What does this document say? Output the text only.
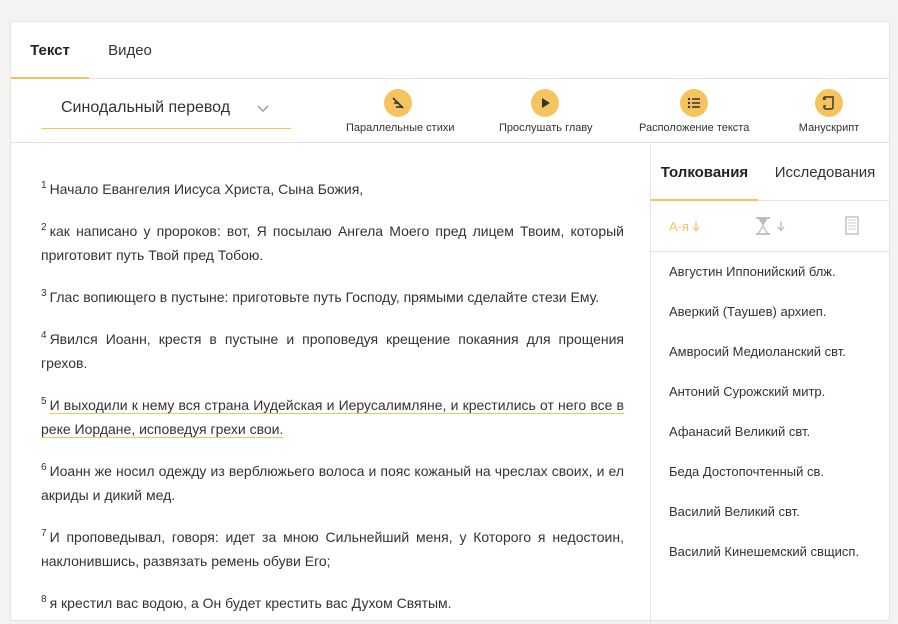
Текст	Видео
Синодальный перевод
Параллельные стихи	Прослушать главу	Расположение текста	Манускрипт

$^1$ Начало Евангелия Иисуса Христа, Сына Божия,

$^2$ как написано у пророков: вот, Я посылаю Ангела Моего пред лицем Твоим, который приготовит путь Твой пред Тобою.

$^3$ Глас вопиющего в пустыне: приготовьте путь Господу, прямыми сделайте стези Ему.

$^4$ Явился Иоанн, крестя в пустыне и проповедуя крещение покаяния для прощения грехов.

$^5$ И выходили к нему вся страна Иудейская и Иерусалимляне, и крестились от него все в реке Иордане, исповедуя грехи свои.

$^6$ Иоанн же носил одежду из верблюжьего волоса и пояс кожаный на чреслах своих, и ел акриды и дикий мед.

$^7$ И проповедывал, говоря: идет за мною Сильнейший меня, у Которого я недостоин, наклонившись, развязать ремень обуви Его;

$^8$ я крестил вас водою, а Он будет крестить вас Духом Святым.

Толкования	Исследования
А-я
Августин Иппонийский блж.
Аверкий (Таушев) архиеп.
Амвросий Медиоланский свт.
Антоний Сурожский митр.
Афанасий Великий свт.
Беда Достопочтенный св.
Василий Великий свт.
Василий Кинешемский свщисп.
